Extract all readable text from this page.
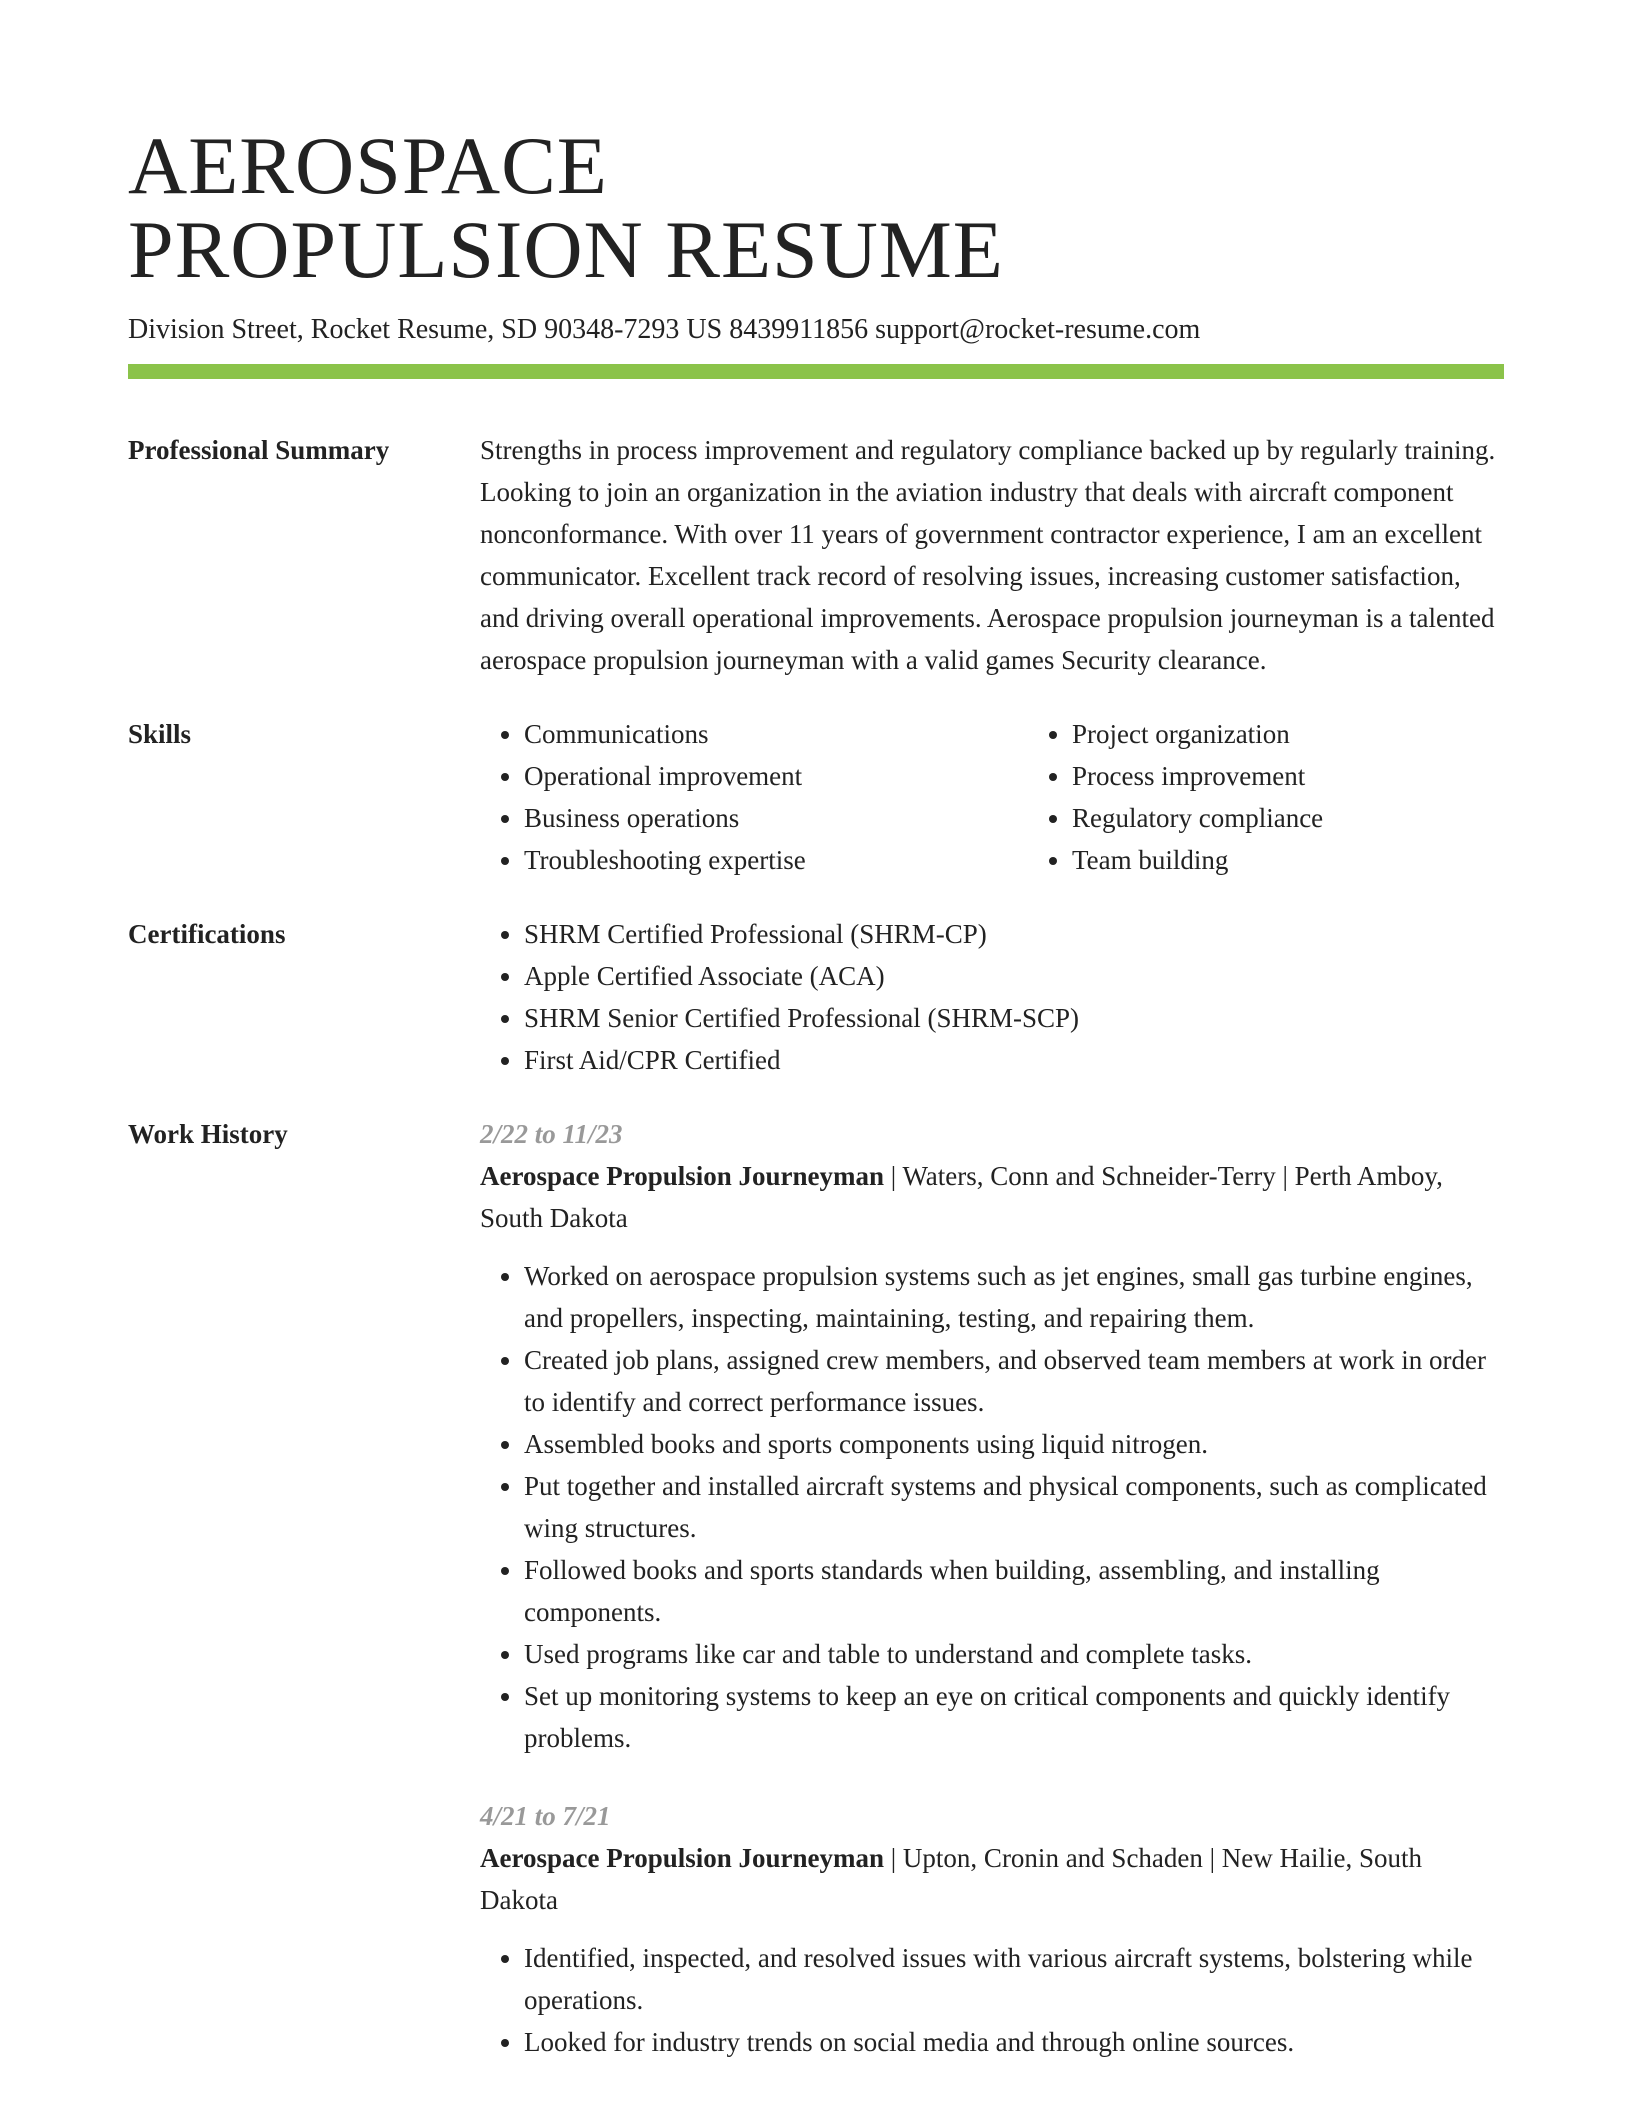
AEROSPACE
PROPULSION RESUME
Division Street, Rocket Resume, SD 90348-7293 US 8439911856 support@rocket-resume.com
Professional Summary	Strengths in process improvement and regulatory compliance backed up by regularly training. Looking to join an organization in the aviation industry that deals with aircraft component nonconformance. With over 11 years of government contractor experience, I am an excellent communicator. Excellent track record of resolving issues, increasing customer satisfaction, and driving overall operational improvements. Aerospace propulsion journeyman is a talented aerospace propulsion journeyman with a valid games Security clearance.
Skills	• Communications
• Operational improvement
• Business operations
• Troubleshooting expertise
• Project organization
• Process improvement
• Regulatory compliance
• Team building
Certifications	• SHRM Certified Professional (SHRM-CP)
• Apple Certified Associate (ACA)
• SHRM Senior Certified Professional (SHRM-SCP)
• First Aid/CPR Certified
Work History	2/22 to 11/23
Aerospace Propulsion Journeyman | Waters, Conn and Schneider-Terry | Perth Amboy, South Dakota
• Worked on aerospace propulsion systems such as jet engines, small gas turbine engines, and propellers, inspecting, maintaining, testing, and repairing them.
• Created job plans, assigned crew members, and observed team members at work in order to identify and correct performance issues.
• Assembled books and sports components using liquid nitrogen.
• Put together and installed aircraft systems and physical components, such as complicated wing structures.
• Followed books and sports standards when building, assembling, and installing components.
• Used programs like car and table to understand and complete tasks.
• Set up monitoring systems to keep an eye on critical components and quickly identify problems.
4/21 to 7/21
Aerospace Propulsion Journeyman | Upton, Cronin and Schaden | New Hailie, South Dakota
• Identified, inspected, and resolved issues with various aircraft systems, bolstering while operations.
• Looked for industry trends on social media and through online sources.
